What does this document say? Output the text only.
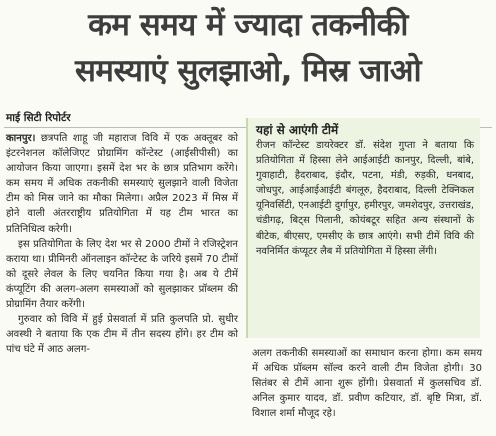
कम समय में ज्यादा तकनीकी
समस्याएं सुलझाओ, मिस्र जाओ
माई सिटी रिपोर्टर

कानपुर। छत्रपति शाहू जी महाराज विवि में एक अक्तूबर को इंटरनेशनल कॉलेजिएट प्रोग्रामिंग कॉन्टेस्ट (आईसीपीसी) का आयोजन किया जाएगा। इसमें देश भर के छात्र प्रतिभाग करेंगे। कम समय में अधिक तकनीकी समस्याएं सुलझाने वाली विजेता टीम को मिस्र जाने का मौका मिलेगा। अप्रैल 2023 में मिस्र में होने वाली अंतरराष्ट्रीय प्रतियोगिता में यह टीम भारत का प्रतिनिधित्व करेगी।

इस प्रतियोगिता के लिए देश भर से 2000 टीमों ने रजिस्ट्रेशन कराया था। प्रीमिनरी ऑनलाइन कॉन्टेस्ट के जरिये इसमें 70 टीमों को दूसरे लेवल के लिए चयनित किया गया है। अब ये टीमें कंप्यूटिंग की अलग-अलग समस्याओं को सुलझाकर प्रॉब्लम की प्रोग्रामिंग तैयार करेंगी।

गुरुवार को विवि में हुई प्रेसवार्ता में प्रति कुलपति प्रो. सुधीर अवस्थी ने बताया कि एक टीम में तीन सदस्य होंगे। हर टीम को पांच घंटे में आठ अलग-

यहां से आएंगी टीमें
रीजन कॉन्टेस्ट डायरेक्टर डॉ. संदेश गुप्ता ने बताया कि प्रतियोगिता में हिस्सा लेने आईआईटी कानपुर, दिल्ली, बांबे, गुवाहाटी, हैदराबाद, इंदौर, पटना, मंडी, रुड़की, धनबाद, जोधपुर, आईआईआईटी बंगलूरु, हैदराबाद, दिल्ली टेक्निकल यूनिवर्सिटी, एनआईटी दुर्गापुर, हमीरपुर, जमशेदपुर, उत्तराखंड, चंडीगढ़, बिट्स पिलानी, कोयंबटूर सहित अन्य संस्थानों के बीटेक, बीएसए, एमसीए के छात्र आएंगे। सभी टीमें विवि की नवनिर्मित कंप्यूटर लैब में प्रतियोगिता में हिस्सा लेंगी।
अलग तकनीकी समस्याओं का समाधान करना होगा। कम समय में अधिक प्रॉब्लम सॉल्व करने वाली टीम विजेता होगी। 30 सितंबर से टीमें आना शुरू होंगी। प्रेसवार्ता में कुलसचिव डॉ. अनिल कुमार यादव, डॉ. प्रवीण कटियार, डॉ. बृष्टि मित्रा, डॉ. विशाल शर्मा मौजूद रहे।
